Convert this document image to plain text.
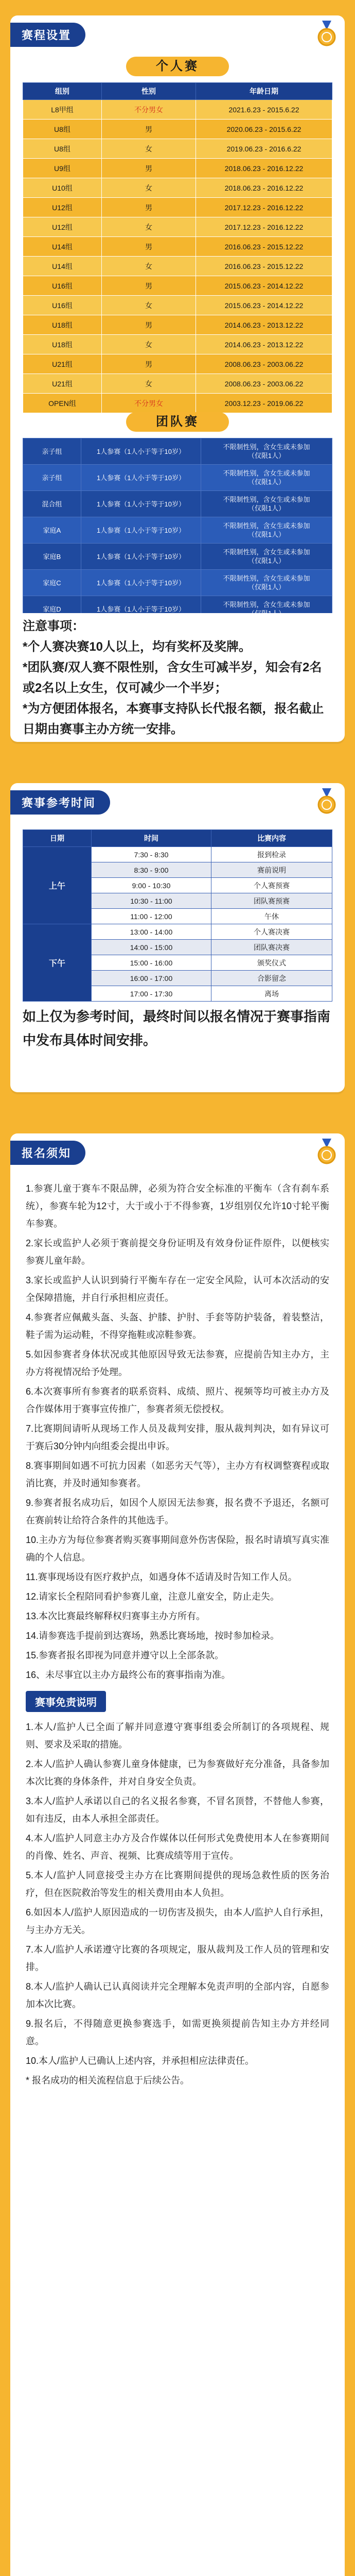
赛程设置
个人赛
组别	性别	年龄日期
L8甲组	不分男女	2021.6.23 - 2015.6.22
U8组	男	2020.06.23 - 2015.6.22
U8组	女	2019.06.23 - 2016.6.22
U9组	男	2018.06.23 - 2016.12.22
U10组	女	2018.06.23 - 2016.12.22
U12组	男	2017.12.23 - 2016.12.22
U12组	女	2017.12.23 - 2016.12.22
U14组	男	2016.06.23 - 2015.12.22
U14组	女	2016.06.23 - 2015.12.22
U16组	男	2015.06.23 - 2014.12.22
U16组	女	2015.06.23 - 2014.12.22
U18组	男	2014.06.23 - 2013.12.22
U18组	女	2014.06.23 - 2013.12.22
U21组	男	2008.06.23 - 2003.06.22
U21组	女	2008.06.23 - 2003.06.22
OPEN组	不分男女	2003.12.23 - 2019.06.22
团队赛
亲子组	1人参赛（1人小于等于10岁）	不限制性别，含女生或未参加
（仅限1人）
亲子组	1人参赛（1人小于等于10岁）	不限制性别，含女生或未参加
（仅限1人）
混合组	1人参赛（1人小于等于10岁）	不限制性别，含女生或未参加
（仅限1人）
家庭A	1人参赛（1人小于等于10岁）	不限制性别，含女生或未参加
（仅限1人）
家庭B	1人参赛（1人小于等于10岁）	不限制性别，含女生或未参加
（仅限1人）
家庭C	1人参赛（1人小于等于10岁）	不限制性别，含女生或未参加
（仅限1人）
家庭D	1人参赛（1人小于等于10岁）	不限制性别，含女生或未参加

注意事项：
*个人赛决赛10人以上，均有奖杯及奖牌。
*团队赛/双人赛不限性别，含女生可减半岁，知会有2名或2名以上女生，仅可减少一个半岁；
*为方便团体报名，本赛事支持队长代报名额，报名截止日期由赛事主办方统一安排。
赛事参考时间
日期	时间	比赛内容
上午	7:30 - 8:30	报到检录
	8:30 - 9:00	赛前说明
	9:00 - 10:30	个人赛预赛
	10:30 - 11:00	团队赛预赛
	11:00 - 12:00	午休
下午	13:00 - 14:00	个人赛决赛
	14:00 - 15:00	团队赛决赛
	15:00 - 16:00	颁奖仪式
	16:00 - 17:00	合影留念
	17:00 - 17:30	离场
如上仅为参考时间，最终时间以报名情况于赛事指南中发布具体时间安排。
报名须知

1.参赛儿童于赛车不限品牌，必须为符合安全标准的平衡车（含有刹车系统），参赛车轮为12寸，大于或小于不得参赛，1岁组别仅允许10寸轮平衡车参赛。

2.家长或监护人必须于赛前提交身份证明及有效身份证件原件，以便核实参赛儿童年龄。

3.家长或监护人认识到骑行平衡车存在一定安全风险，认可本次活动的安全保障措施，并自行承担相应责任。

4.参赛者应佩戴头盔、头盔、护膝、护肘、手套等防护装备，着装整洁，鞋子需为运动鞋，不得穿拖鞋或凉鞋参赛。

5.如因参赛者身体状况或其他原因导致无法参赛，应提前告知主办方，主办方将视情况给予处理。

6.本次赛事所有参赛者的联系资料、成绩、照片、视频等均可被主办方及合作媒体用于赛事宣传推广，参赛者须无偿授权。

7.比赛期间请听从现场工作人员及裁判安排，服从裁判判决，如有异议可于赛后30分钟内向组委会提出申诉。

8.赛事期间如遇不可抗力因素（如恶劣天气等），主办方有权调整赛程或取消比赛，并及时通知参赛者。

9.参赛者报名成功后，如因个人原因无法参赛，报名费不予退还，名额可在赛前转让给符合条件的其他选手。

10.主办方为每位参赛者购买赛事期间意外伤害保险，报名时请填写真实准确的个人信息。

11.赛事现场设有医疗救护点，如遇身体不适请及时告知工作人员。

12.请家长全程陪同看护参赛儿童，注意儿童安全，防止走失。

13.本次比赛最终解释权归赛事主办方所有。

14.请参赛选手提前到达赛场，熟悉比赛场地，按时参加检录。

15.参赛者报名即视为同意并遵守以上全部条款。

16、未尽事宜以主办方最终公布的赛事指南为准。

赛事免责说明

1.本人/监护人已全面了解并同意遵守赛事组委会所制订的各项规程、规则、要求及采取的措施。

2.本人/监护人确认参赛儿童身体健康，已为参赛做好充分准备，具备参加本次比赛的身体条件，并对自身安全负责。

3.本人/监护人承诺以自己的名义报名参赛，不冒名顶替，不替他人参赛，如有违反，由本人承担全部责任。

4.本人/监护人同意主办方及合作媒体以任何形式免费使用本人在参赛期间的肖像、姓名、声音、视频、比赛成绩等用于宣传。

5.本人/监护人同意接受主办方在比赛期间提供的现场急救性质的医务治疗，但在医院救治等发生的相关费用由本人负担。

6.如因本人/监护人原因造成的一切伤害及损失，由本人/监护人自行承担，与主办方无关。

7.本人/监护人承诺遵守比赛的各项规定，服从裁判及工作人员的管理和安排。

8.本人/监护人确认已认真阅读并完全理解本免责声明的全部内容，自愿参加本次比赛。

9.报名后，不得随意更换参赛选手，如需更换须提前告知主办方并经同意。

10.本人/监护人已确认上述内容，并承担相应法律责任。

* 报名成功的相关流程信息于后续公告。
